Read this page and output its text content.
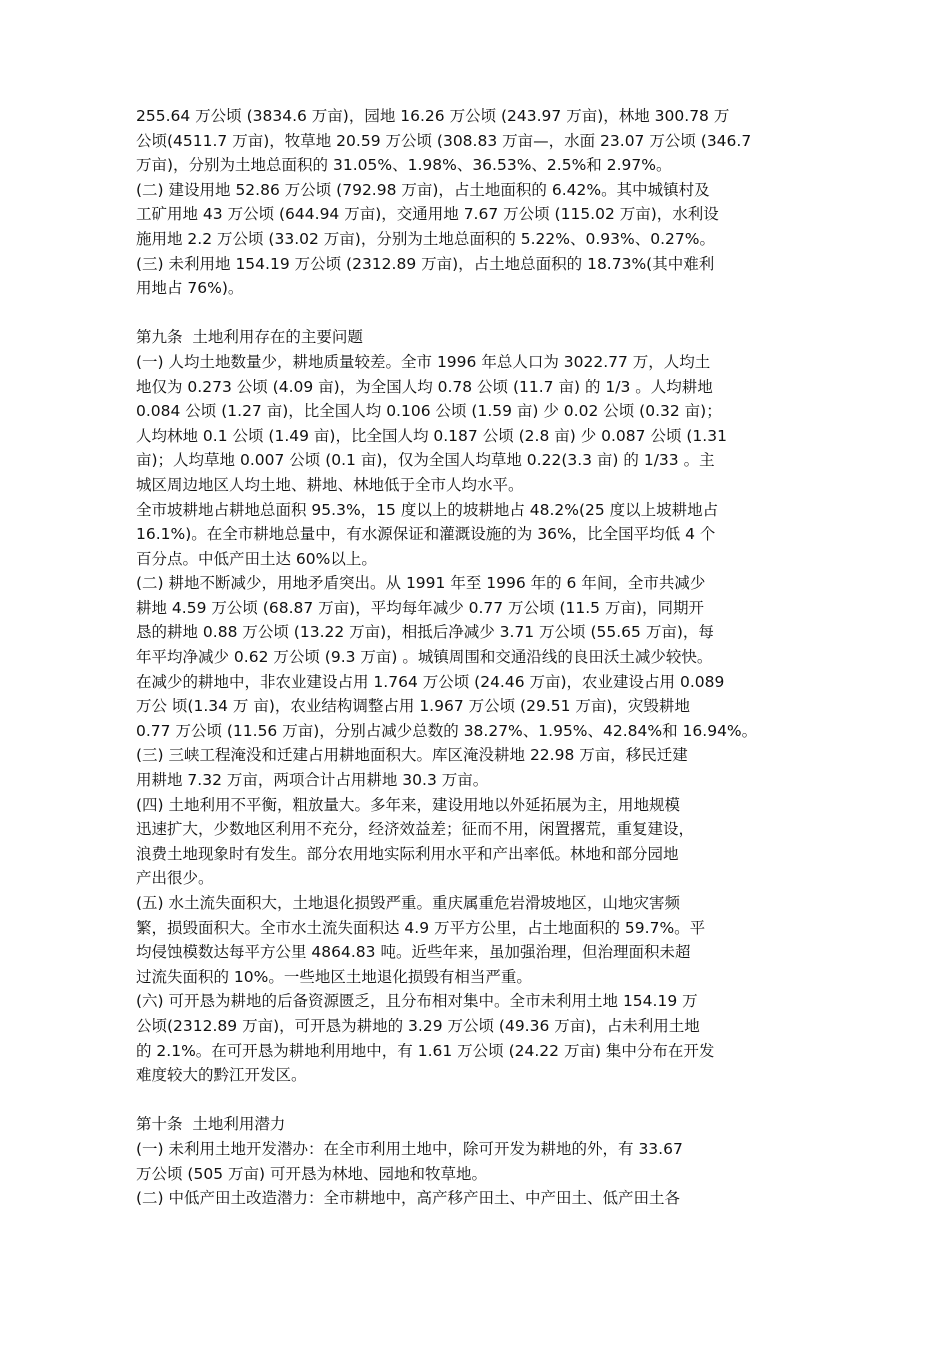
255.64 万公顷 (3834.6 万亩)，园地 16.26 万公顷 (243.97 万亩)，林地 300.78 万
公顷(4511.7 万亩)，牧草地 20.59 万公顷 (308.83 万亩—，水面 23.07 万公顷 (346.7
万亩)，分别为土地总面积的 31.05%、1.98%、36.53%、2.5%和 2.97%。
(二) 建设用地 52.86 万公顷 (792.98 万亩)，占土地面积的 6.42%。其中城镇村及
工矿用地 43 万公顷 (644.94 万亩)，交通用地 7.67 万公顷 (115.02 万亩)，水利设
施用地 2.2 万公顷 (33.02 万亩)，分别为土地总面积的 5.22%、0.93%、0.27%。
(三) 未利用地 154.19 万公顷 (2312.89 万亩)，占土地总面积的 18.73%(其中难利
用地占 76%)。
第九条  土地利用存在的主要问题
(一) 人均土地数量少，耕地质量较差。全市 1996 年总人口为 3022.77 万，人均土
地仅为 0.273 公顷 (4.09 亩)，为全国人均 0.78 公顷 (11.7 亩) 的 1/3 。人均耕地
0.084 公顷 (1.27 亩)，比全国人均 0.106 公顷 (1.59 亩) 少 0.02 公顷 (0.32 亩)；
人均林地 0.1 公顷 (1.49 亩)，比全国人均 0.187 公顷 (2.8 亩) 少 0.087 公顷 (1.31
亩)；人均草地 0.007 公顷 (0.1 亩)，仅为全国人均草地 0.22(3.3 亩) 的 1/33 。主
城区周边地区人均土地、耕地、林地低于全市人均水平。
全市坡耕地占耕地总面积 95.3%，15 度以上的坡耕地占 48.2%(25 度以上坡耕地占
16.1%)。在全市耕地总量中，有水源保证和灌溉设施的为 36%，比全国平均低 4 个
百分点。中低产田土达 60%以上。
(二) 耕地不断减少，用地矛盾突出。从 1991 年至 1996 年的 6 年间，全市共减少
耕地 4.59 万公顷 (68.87 万亩)，平均每年减少 0.77 万公顷 (11.5 万亩)，同期开
恳的耕地 0.88 万公顷 (13.22 万亩)，相抵后净减少 3.71 万公顷 (55.65 万亩)，每
年平均净减少 0.62 万公顷 (9.3 万亩) 。城镇周围和交通沿线的良田沃土减少较快。
在减少的耕地中，非农业建设占用 1.764 万公顷 (24.46 万亩)，农业建设占用 0.089
万公 顷(1.34 万 亩)，农业结构调整占用 1.967 万公顷 (29.51 万亩)，灾毁耕地
0.77 万公顷 (11.56 万亩)，分别占减少总数的 38.27%、1.95%、42.84%和 16.94%。
(三) 三峡工程淹没和迁建占用耕地面积大。库区淹没耕地 22.98 万亩，移民迁建
用耕地 7.32 万亩，两项合计占用耕地 30.3 万亩。
(四) 土地利用不平衡，粗放量大。多年来，建设用地以外延拓展为主，用地规模
迅速扩大，少数地区利用不充分，经济效益差；征而不用，闲置撂荒，重复建设，
浪费土地现象时有发生。部分农用地实际利用水平和产出率低。林地和部分园地
产出很少。
(五) 水土流失面积大，土地退化损毁严重。重庆属重危岩滑坡地区，山地灾害频
繁，损毁面积大。全市水土流失面积达 4.9 万平方公里，占土地面积的 59.7%。平
均侵蚀模数达每平方公里 4864.83 吨。近些年来，虽加强治理，但治理面积未超
过流失面积的 10%。一些地区土地退化损毁有相当严重。
(六) 可开恳为耕地的后备资源匮乏，且分布相对集中。全市未利用土地 154.19 万
公顷(2312.89 万亩)，可开恳为耕地的 3.29 万公顷 (49.36 万亩)，占未利用土地
的 2.1%。在可开恳为耕地利用地中，有 1.61 万公顷 (24.22 万亩) 集中分布在开发
难度较大的黔江开发区。
第十条  土地利用潜力
(一) 未利用土地开发潜办：在全市利用土地中，除可开发为耕地的外，有 33.67
万公顷 (505 万亩) 可开恳为林地、园地和牧草地。
(二) 中低产田土改造潜力：全市耕地中，高产移产田土、中产田土、低产田土各
